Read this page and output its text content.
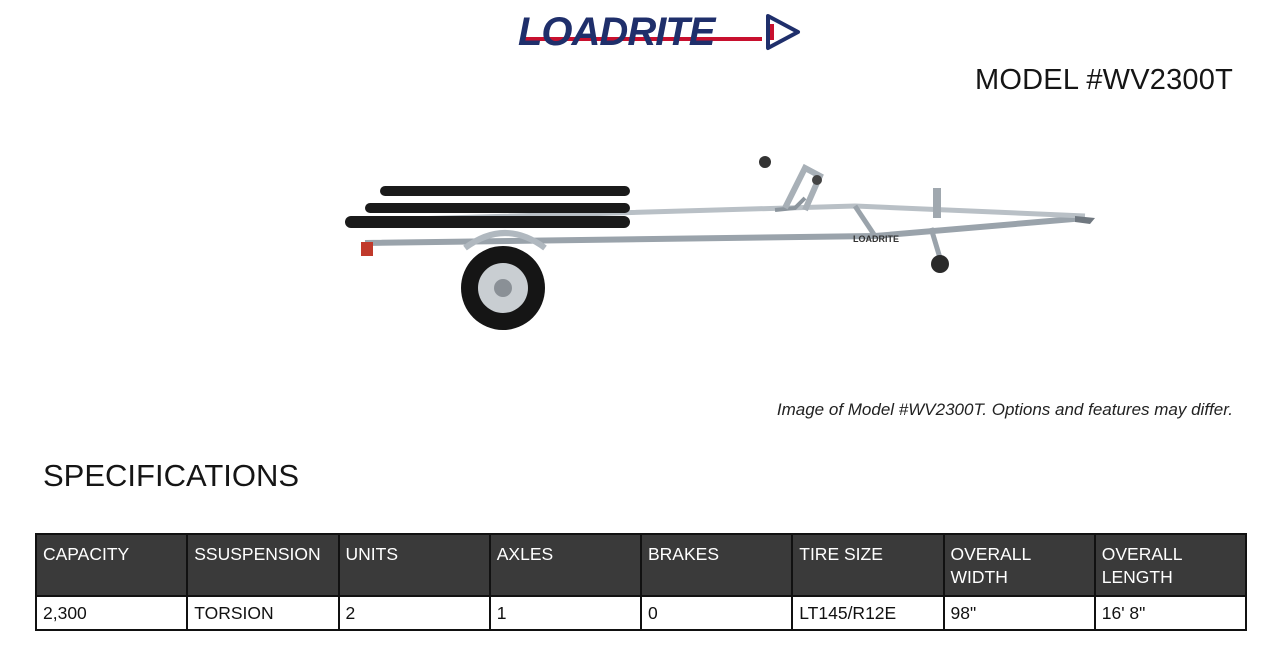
LOADRITE
MODEL #WV2300T
LOADRITE
Image of Model #WV2300T. Options and features may differ.
SPECIFICATIONS
CAPACITY	SSUSPENSION	UNITS	AXLES	BRAKES	TIRE SIZE	OVERALL WIDTH	OVERALL LENGTH
2,300	TORSION	2	1	0	LT145/R12E	98"	16' 8"
